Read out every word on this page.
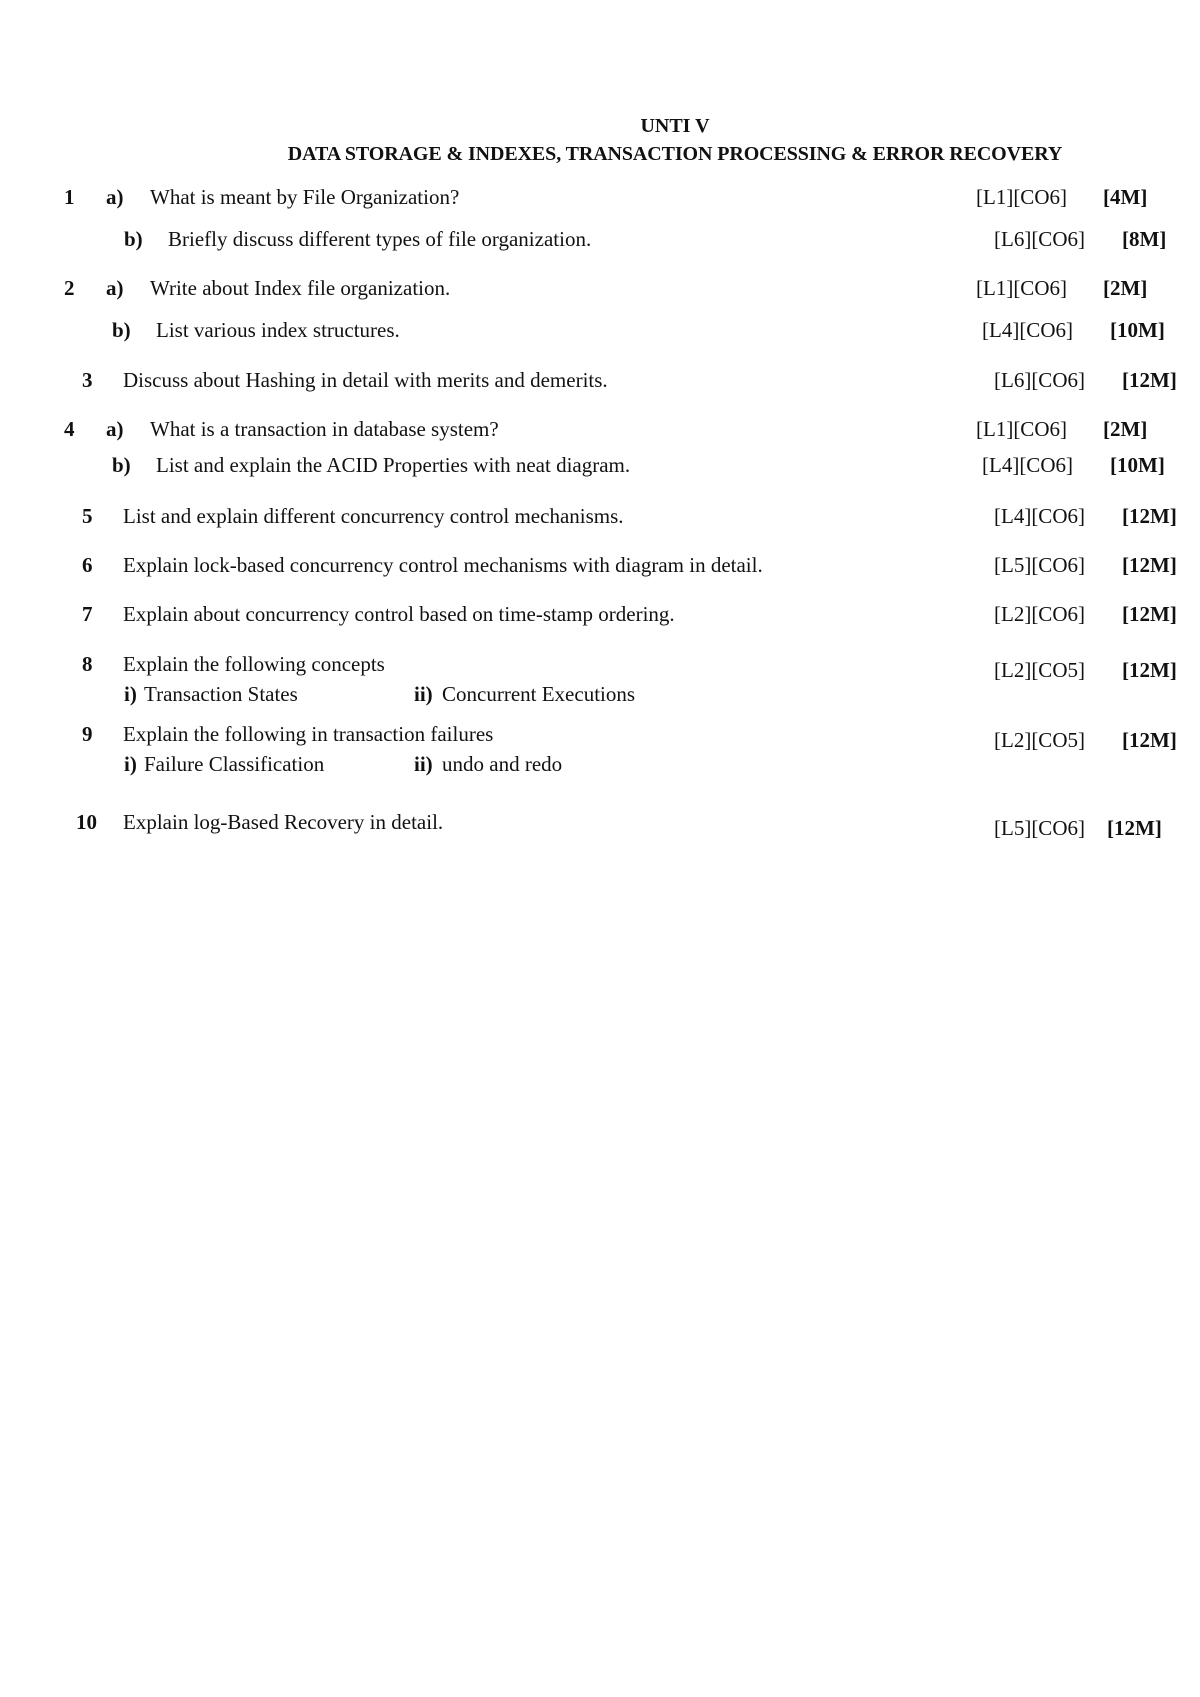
UNTI V
DATA STORAGE & INDEXES, TRANSACTION PROCESSING & ERROR RECOVERY
1 a) What is meant by File Organization?	[L1][CO6] [4M]
b) Briefly discuss different types of file organization.	[L6][CO6] [8M]
2 a) Write about Index file organization.	[L1][CO6] [2M]
b) List various index structures.	[L4][CO6] [10M]
3 Discuss about Hashing in detail with merits and demerits.	[L6][CO6] [12M]
4 a) What is a transaction in database system?	[L1][CO6] [2M]
b) List and explain the ACID Properties with neat diagram.	[L4][CO6] [10M]
5 List and explain different concurrency control mechanisms.	[L4][CO6] [12M]
6 Explain lock-based concurrency control mechanisms with diagram in detail.	[L5][CO6] [12M]
7 Explain about concurrency control based on time-stamp ordering.	[L2][CO6] [12M]
8 Explain the following concepts	[L2][CO5] [12M]
i) Transaction States	ii) Concurrent Executions
9 Explain the following in transaction failures	[L2][CO5] [12M]
i) Failure Classification	ii) undo and redo
10 Explain log-Based Recovery in detail.	[L5][CO6] [12M]
